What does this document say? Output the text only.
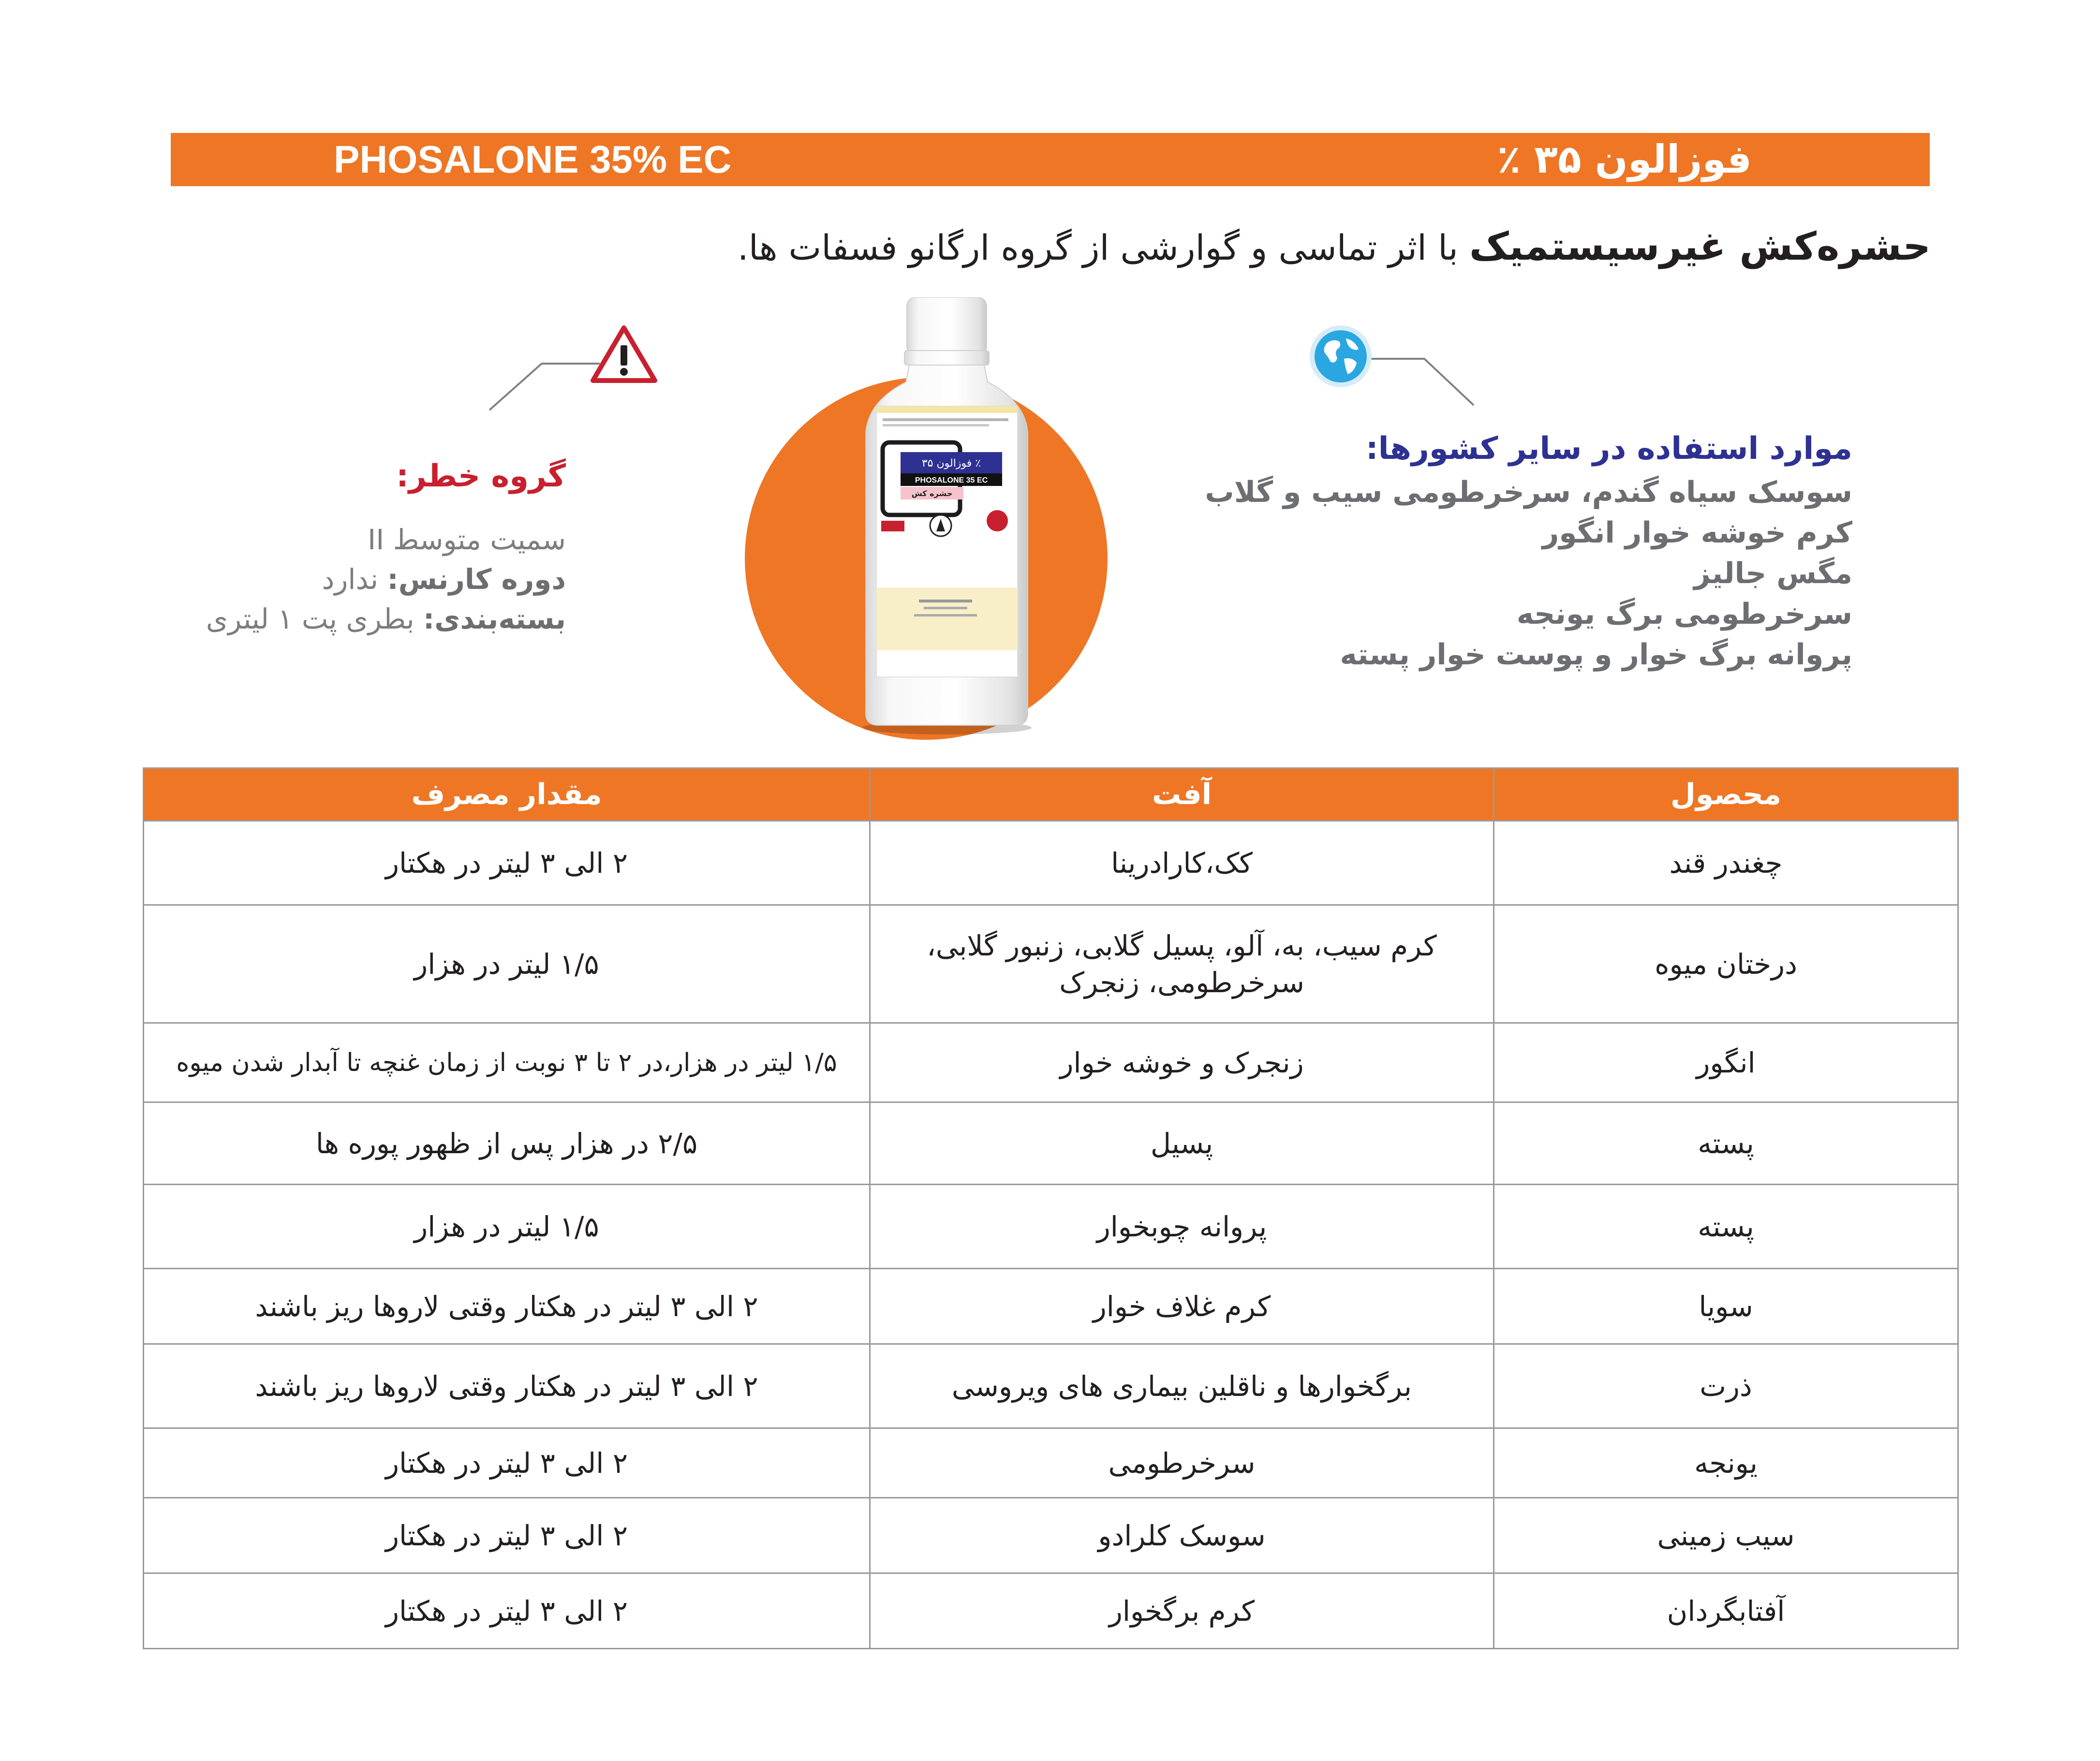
PHOSALONE 35% EC	فوزالون ۳۵ ٪
حشره‌کش غیرسیستمیک با اثر تماسی و گوارشی از گروه ارگانو فسفات ها.
فوزالون ۳۵ ٪
PHOSALONE 35 EC
حشره کش
گروه خطر:
سمیت متوسط II
دوره کارنس: ندارد
بسته‌بندی: بطری پت ۱ لیتری
موارد استفاده در سایر کشورها:
سوسک سیاه گندم، سرخرطومی سیب و گلاب
کرم خوشه خوار انگور
مگس جالیز
سرخرطومی برگ یونجه
پروانه برگ خوار و پوست خوار پسته
محصول	آفت	مقدار مصرف
چغندر قند	کک،کارادرینا	۲ الی ۳ لیتر در هکتار
درختان میوه	کرم سیب، به، آلو، پسیل گلابی، زنبور گلابی، سرخرطومی، زنجرک	۱/۵ لیتر در هزار
انگور	زنجرک و خوشه خوار	۱/۵ لیتر در هزار،در ۲ تا ۳ نوبت از زمان غنچه تا آبدار شدن میوه
پسته	پسیل	۲/۵ در هزار پس از ظهور پوره ها
پسته	پروانه چوبخوار	۱/۵ لیتر در هزار
سویا	کرم غلاف خوار	۲ الی ۳ لیتر در هکتار وقتی لاروها ریز باشند
ذرت	برگخوارها و ناقلین بیماری های ویروسی	۲ الی ۳ لیتر در هکتار وقتی لاروها ریز باشند
یونجه	سرخرطومی	۲ الی ۳ لیتر در هکتار
سیب زمینی	سوسک کلرادو	۲ الی ۳ لیتر در هکتار
آفتابگردان	کرم برگخوار	۲ الی ۳ لیتر در هکتار
